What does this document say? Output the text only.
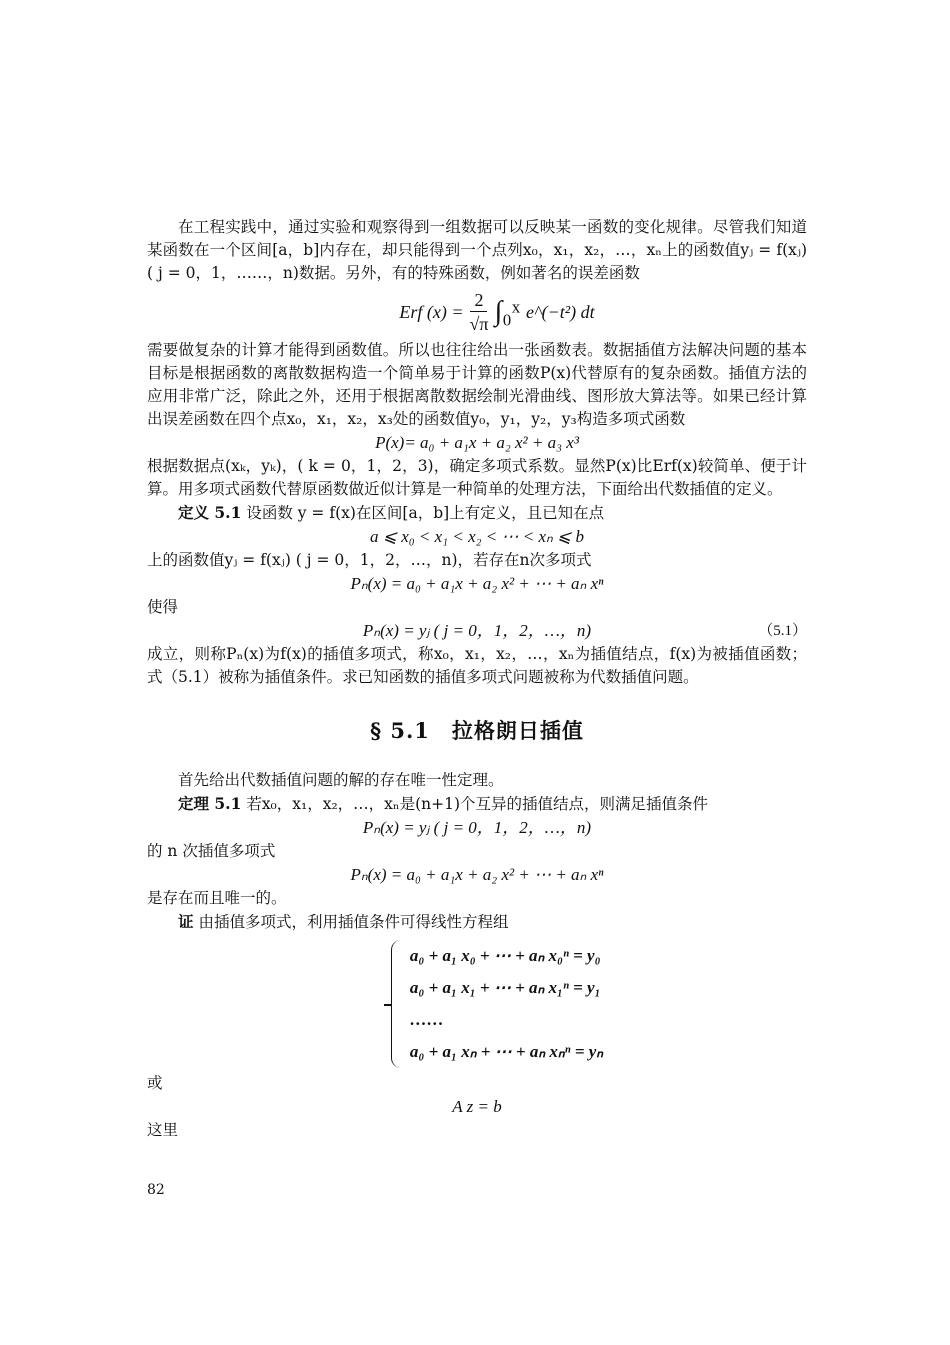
在工程实践中，通过实验和观察得到一组数据可以反映某一函数的变化规律。尽管我们知道某函数在一个区间[a，b]内存在，却只能得到一个点列x₀，x₁，x₂，…，xₙ上的函数值yⱼ = f(xⱼ) ( j = 0，1，……，n)数据。另外，有的特殊函数，例如著名的误差函数
Erf $(x) = \frac{2}{√\pi}$ ∫₀ˣ e^(−t²) dt
需要做复杂的计算才能得到函数值。所以也往往给出一张函数表。数据插值方法解决问题的基本目标是根据函数的离散数据构造一个简单易于计算的函数P(x)代替原有的复杂函数。插值方法的应用非常广泛，除此之外，还用于根据离散数据绘制光滑曲线、图形放大算法等。如果已经计算出误差函数在四个点x₀，x₁，x₂，x₃处的函数值y₀，y₁，y₂，y₃构造多项式函数
P(x)= a₀ + a₁x + a₂ x² + a₃ x³
根据数据点(xₖ，yₖ)，( k = 0，1，2，3)，确定多项式系数。显然P(x)比Erf(x)较简单、便于计算。用多项式函数代替原函数做近似计算是一种简单的处理方法，下面给出代数插值的定义。
定义 5.1 设函数 y = f(x)在区间[a，b]上有定义，且已知在点
a ⩽ x₀ < x₁ < x₂ < ⋯ < xₙ ⩽ b
上的函数值yⱼ = f(xⱼ) ( j = 0，1，2，…，n)，若存在n次多项式
Pₙ(x) = a₀ + a₁x + a₂ x² + ⋯ + aₙ xⁿ
使得
Pₙ(x) = yⱼ ( j = 0，1，2，…，n)	（5.1）
成立，则称Pₙ(x)为f(x)的插值多项式，称x₀，x₁，x₂，…，xₙ为插值结点，f(x)为被插值函数；式（5.1）被称为插值条件。求已知函数的插值多项式问题被称为代数插值问题。
§ 5.1　拉格朗日插值
首先给出代数插值问题的解的存在唯一性定理。
定理 5.1 若x₀，x₁，x₂，…，xₙ是(n+1)个互异的插值结点，则满足插值条件
Pₙ(x) = yⱼ ( j = 0，1，2，…，n)
的 n 次插值多项式
Pₙ(x) = a₀ + a₁x + a₂ x² + ⋯ + aₙ xⁿ
是存在而且唯一的。
证 由插值多项式，利用插值条件可得线性方程组
a₀ + a₁ x₀ + ⋯ + aₙ x₀ⁿ = y₀
a₀ + a₁ x₁ + ⋯ + aₙ x₁ⁿ = y₁
……
a₀ + a₁ xₙ + ⋯ + aₙ xₙⁿ = yₙ
或
A z = b
这里
82
